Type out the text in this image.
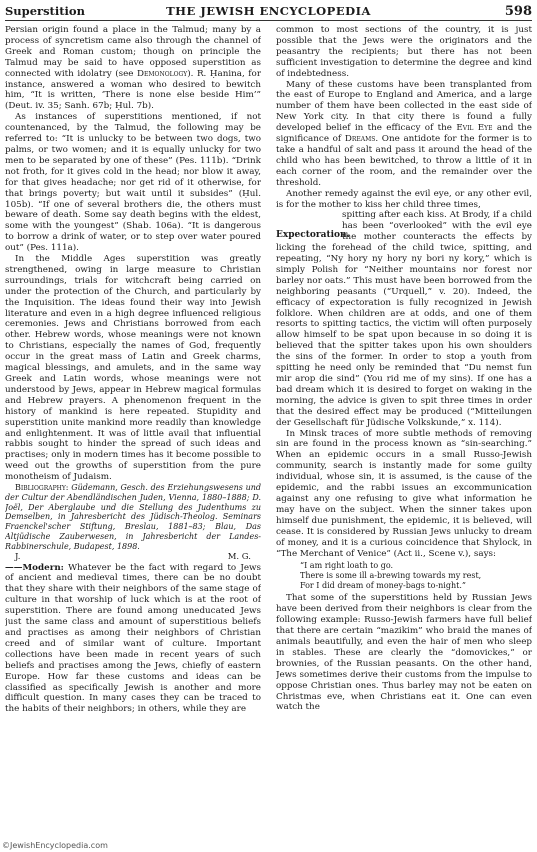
Superstition	THE JEWISH ENCYCLOPEDIA	598

Persian origin found a place in the Talmud; many by a process of syncretism came also through the channel of Greek and Roman custom; though on principle the Talmud may be said to have opposed superstition as connected with idolatry (see Demonology). R. Ḥanina, for instance, answered a woman who desired to bewitch him, “It is written, ‘There is none else beside Him’” (Deut. iv. 35; Sanh. 67b; Ḥul. 7b).

As instances of superstitions mentioned, if not countenanced, by the Talmud, the following may be referred to: “It is unlucky to be between two dogs, two palms, or two women; and it is equally unlucky for two men to be separated by one of these” (Pes. 111b). “Drink not froth, for it gives cold in the head; nor blow it away, for that gives headache; nor get rid of it otherwise, for that brings poverty; but wait until it subsides” (Ḥul. 105b). “If one of several brothers die, the others must beware of death. Some say death begins with the eldest, some with the youngest” (Shab. 106a). “It is dangerous to borrow a drink of water, or to step over water poured out” (Pes. 111a).

In the Middle Ages superstition was greatly strengthened, owing in large measure to Christian surroundings, trials for witchcraft being carried on under the protection of the Church, and particularly by the Inquisition. The ideas found their way into Jewish literature and even in a high degree influenced religious ceremonies. Jews and Christians borrowed from each other. Hebrew words, whose meanings were not known to Christians, especially the names of God, frequently occur in the great mass of Latin and Greek charms, magical blessings, and amulets, and in the same way Greek and Latin words, whose meanings were not understood by Jews, appear in Hebrew magical formulas and Hebrew prayers. A phenomenon frequent in the history of mankind is here repeated. Stupidity and superstition unite mankind more readily than knowledge and enlightenment. It was of little avail that influential rabbis sought to hinder the spread of such ideas and practises; only in modern times has it become possible to weed out the growths of superstition from the pure monotheism of Judaism.

Bibliography: Güdemann, Gesch. des Erziehungswesens und der Cultur der Abendländischen Juden, Vienna, 1880–1888; D. Joël, Der Aberglaube und die Stellung des Judenthums zu Demselben, in Jahresbericht des Jüdisch-Theolog. Seminars Fraenckel'scher Stiftung, Breslau, 1881–83; Blau, Das Altjüdische Zauberwesen, in Jahresbericht der Landes-Rabbinerschule, Budapest, 1898.

J.	M. G.

——Modern: Whatever be the fact with regard to Jews of ancient and medieval times, there can be no doubt that they share with their neighbors of the same stage of culture in that worship of luck which is at the root of superstition. There are found among uneducated Jews just the same class and amount of superstitious beliefs and practises as among their neighbors of Christian creed and of similar want of culture. Important collections have been made in recent years of such beliefs and practises among the Jews, chiefly of eastern Europe. How far these customs and ideas can be classified as specifically Jewish is another and more difficult question. In many cases they can be traced to the habits of their neighbors; in others, while they are

common to most sections of the country, it is just possible that the Jews were the originators and the peasantry the recipients; but there has not been sufficient investigation to determine the degree and kind of indebtedness.

Many of these customs have been transplanted from the east of Europe to England and America, and a large number of them have been collected in the east side of New York city. In that city there is found a fully developed belief in the efficacy of the Evil Eye and the significance of Dreams. One antidote for the former is to take a handful of salt and pass it around the head of the child who has been bewitched, to throw a little of it in each corner of the room, and the remainder over the threshold.

Another remedy against the evil eye, or any other evil, is for the mother to kiss her child three times,

Expectoration.

spitting after each kiss. At Brody, if a child has been “overlooked” with the evil eye the mother counteracts the effects by licking the forehead of the child twice, spitting, and repeating, “Ny hory ny hory ny bori ny kory,” which is simply Polish for “Neither mountains nor forest nor barley nor oats.” This must have been borrowed from the neighboring peasants (“Urquell,” v. 20). Indeed, the efficacy of expectoration is fully recognized in Jewish folklore. When children are at odds, and one of them resorts to spitting tactics, the victim will often purposely allow himself to be spat upon because in so doing it is believed that the spitter takes upon his own shoulders the sins of the former. In order to stop a youth from spitting he need only be reminded that “Du nemst fun mir arop die sind” (You rid me of my sins). If one has a bad dream which it is desired to forget on waking in the morning, the advice is given to spit three times in order that the desired effect may be produced (“Mitteilungen der Gesellschaft für Jüdische Volkskunde,” x. 114).

In Minsk traces of more subtle methods of removing sin are found in the process known as “sin-searching.” When an epidemic occurs in a small Russo-Jewish community, search is instantly made for some guilty individual, whose sin, it is assumed, is the cause of the epidemic, and the rabbi issues an excommunication against any one refusing to give what information he may have on the subject. When the sinner takes upon himself due punishment, the epidemic, it is believed, will cease. It is considered by Russian Jews unlucky to dream of money, and it is a curious coincidence that Shylock, in “The Merchant of Venice” (Act ii., Scene v.), says:

“I am right loath to go.
There is some ill a-brewing towards my rest,
For I did dream of money-bags to-night.”

That some of the superstitions held by Russian Jews have been derived from their neighbors is clear from the following example: Russo-Jewish farmers have full belief that there are certain “mazikim” who braid the manes of animals beautifully, and even the hair of men who sleep in stables. These are clearly the “domovickes,” or brownies, of the Russian peasants. On the other hand, Jews sometimes derive their customs from the impulse to oppose Christian ones. Thus barley may not be eaten on Christmas eve, when Christians eat it. One can even watch the

©JewishEncyclopedia.com
